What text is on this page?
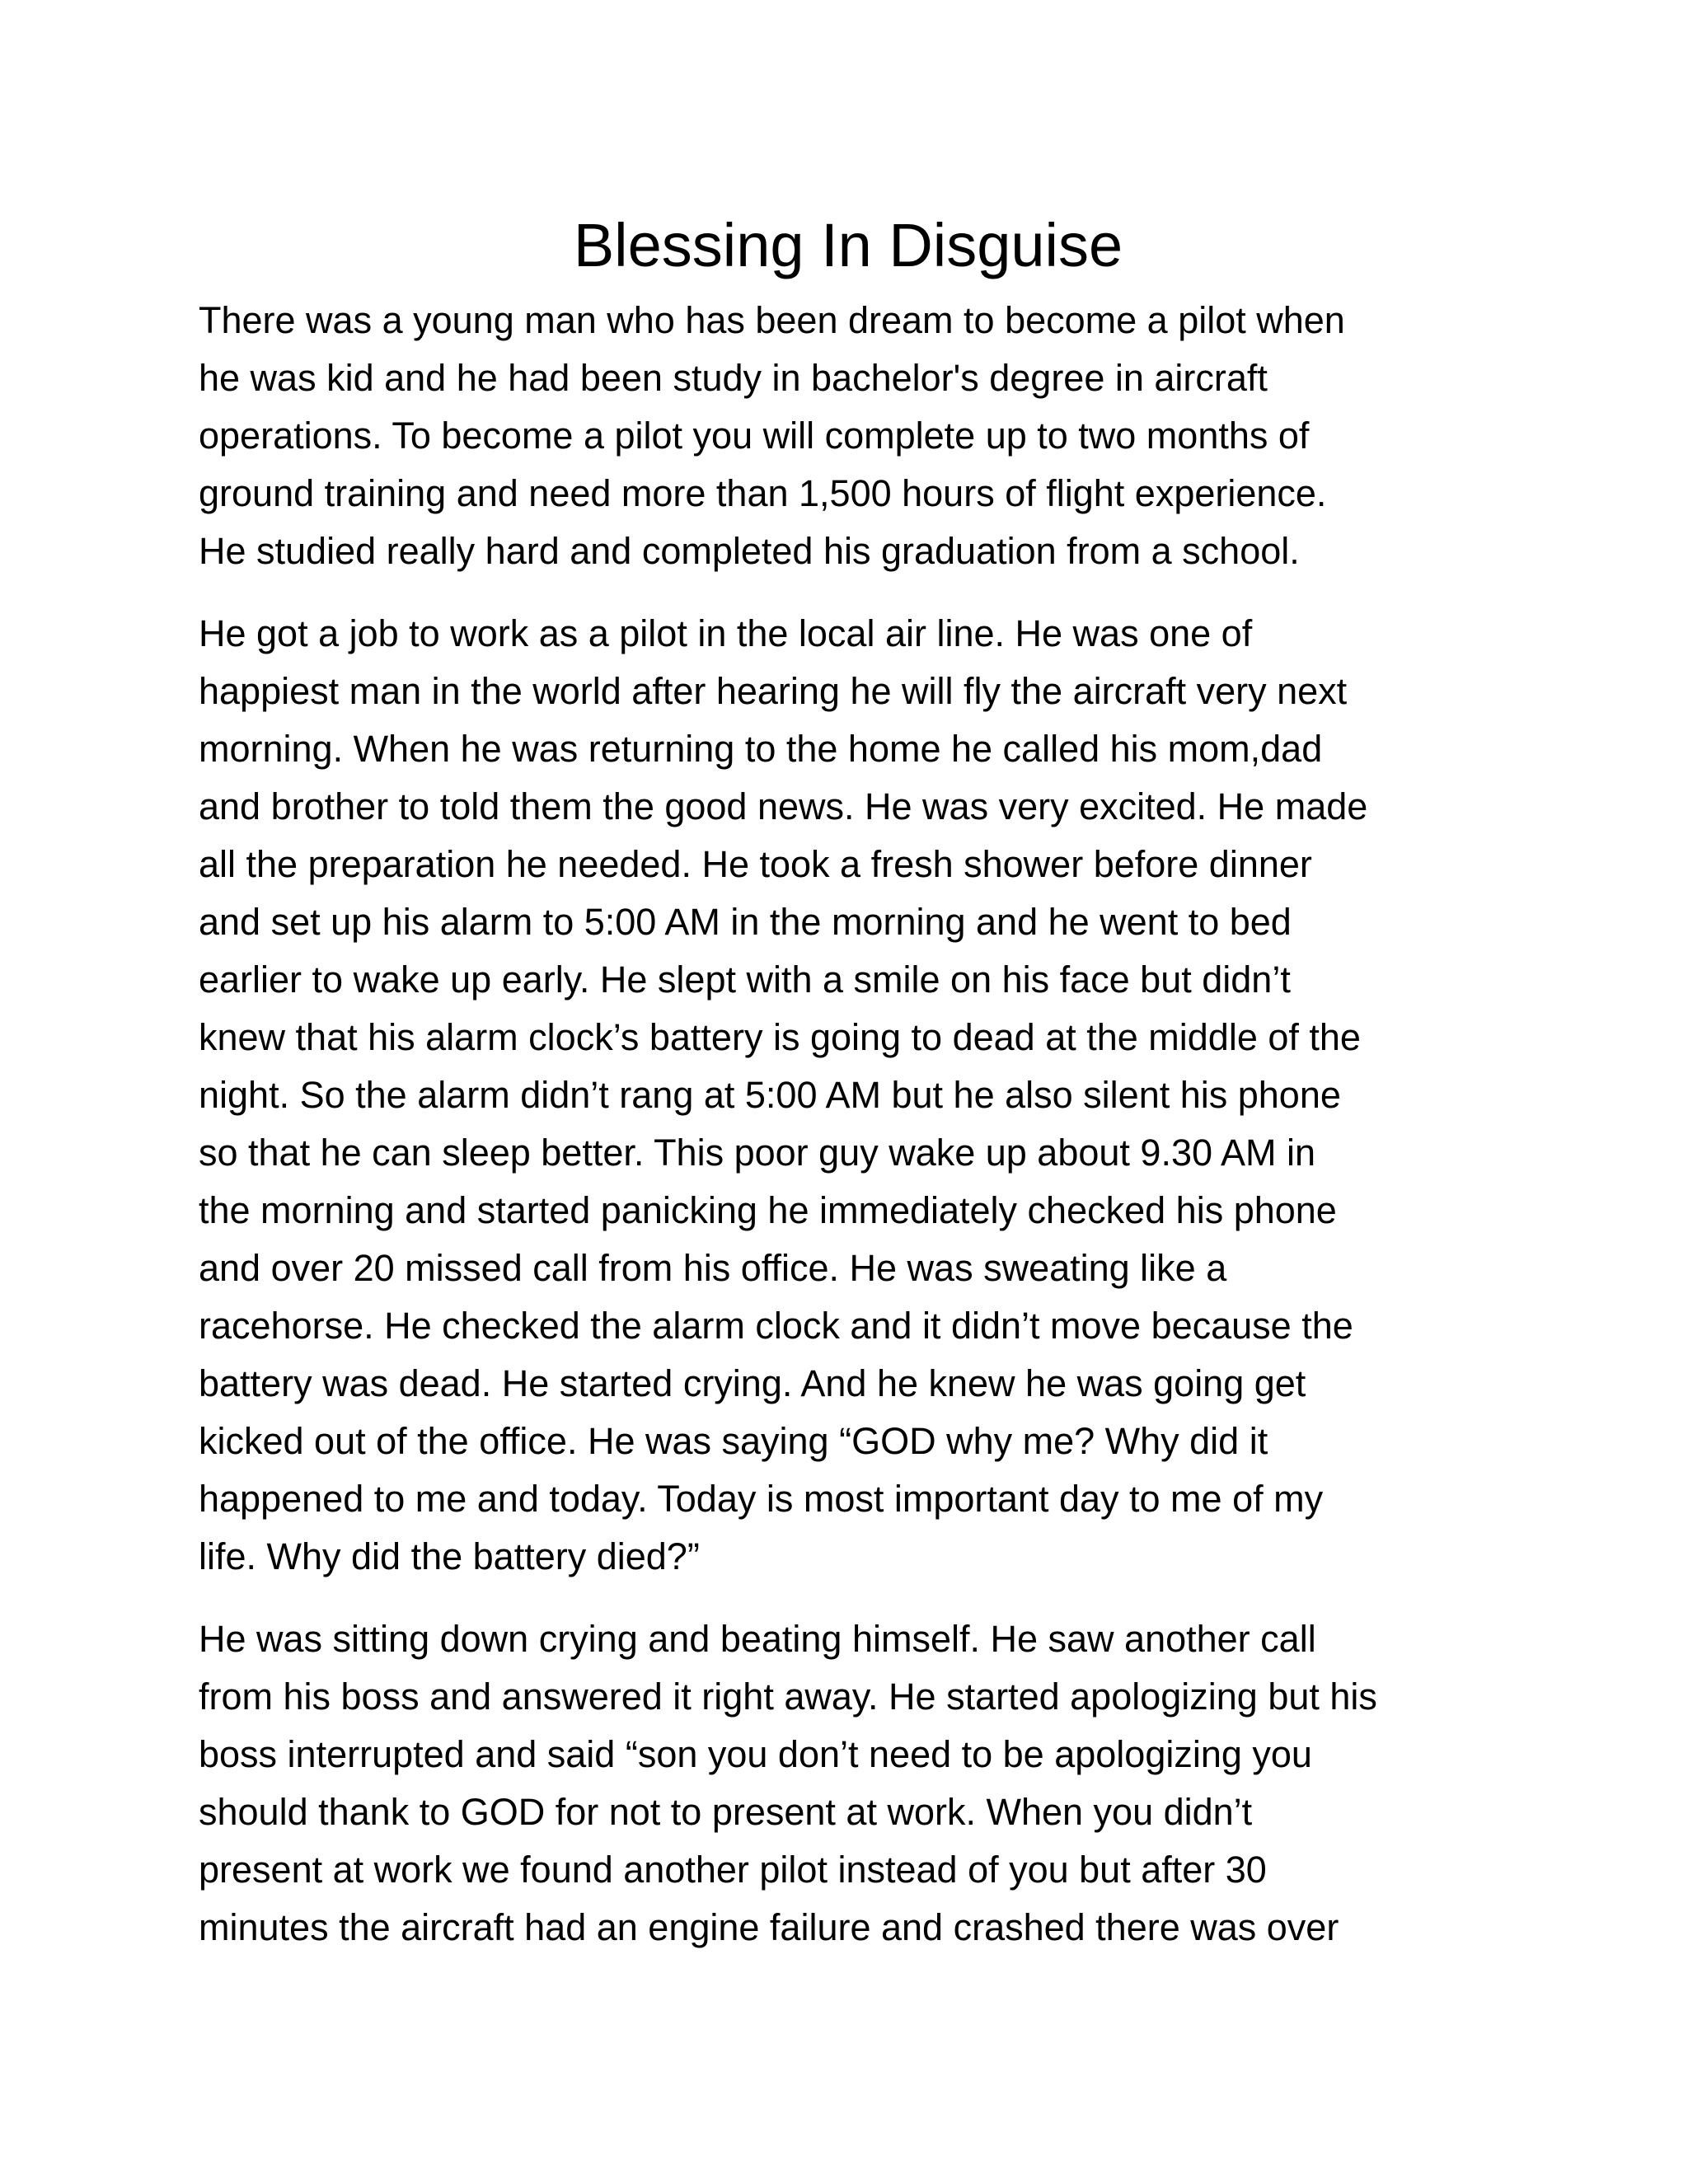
Blessing In Disguise
There was a young man who has been dream to become a pilot when
he was kid and he had been study in bachelor's degree in aircraft
operations. To become a pilot you will complete up to two months of
ground training and need more than 1,500 hours of flight experience.
He studied really hard and completed his graduation from a school.
He got a job to work as a pilot in the local air line. He was one of
happiest man in the world after hearing he will fly the aircraft very next
morning. When he was returning to the home he called his mom,dad
and brother to told them the good news. He was very excited. He made
all the preparation he needed. He took a fresh shower before dinner
and set up his alarm to 5:00 AM in the morning and he went to bed
earlier to wake up early. He slept with a smile on his face but didn’t
knew that his alarm clock’s battery is going to dead at the middle of the
night. So the alarm didn’t rang at 5:00 AM but he also silent his phone
so that he can sleep better. This poor guy wake up about 9.30 AM in
the morning and started panicking he immediately checked his phone
and over 20 missed call from his office. He was sweating like a
racehorse. He checked the alarm clock and it didn’t move because the
battery was dead. He started crying. And he knew he was going get
kicked out of the office. He was saying “GOD why me? Why did it
happened to me and today. Today is most important day to me of my
life. Why did the battery died?”
He was sitting down crying and beating himself. He saw another call
from his boss and answered it right away. He started apologizing but his
boss interrupted and said “son you don’t need to be apologizing you
should thank to GOD for not to present at work. When you didn’t
present at work we found another pilot instead of you but after 30
minutes the aircraft had an engine failure and crashed there was over
